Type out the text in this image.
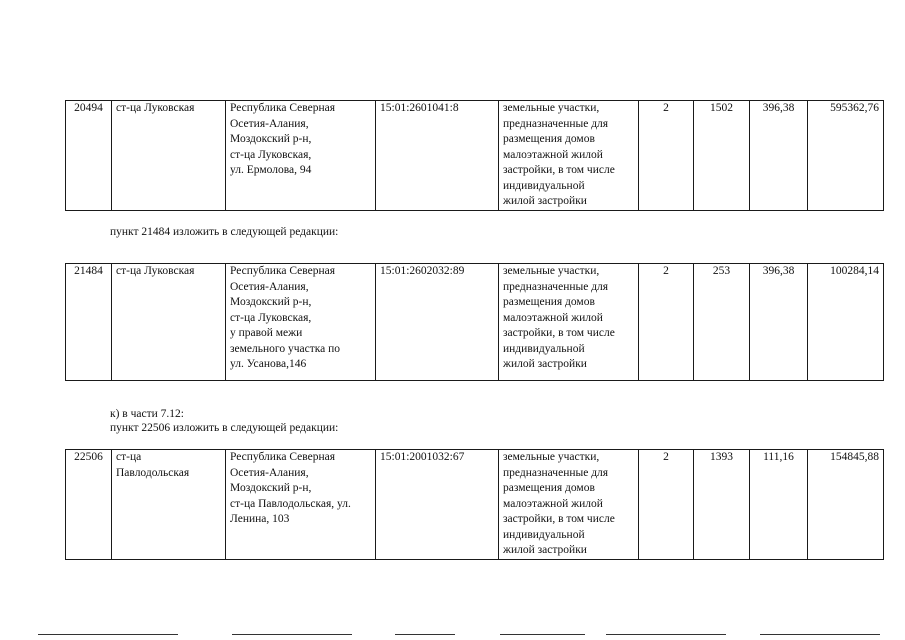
20494	ст-ца Луковская	Республика Северная
Осетия-Алания,
Моздокский р-н,
ст-ца Луковская,
ул. Ермолова, 94
	15:01:2601041:8	земельные участки,
предназначенные для
размещения домов
малоэтажной жилой
застройки, в том числе
индивидуальной
жилой застройки
	2	1502	396,38	595362,76
пункт 21484 изложить в следующей редакции:
21484	ст-ца Луковская	Республика Северная
Осетия-Алания,
Моздокский р-н,
ст-ца Луковская,
у правой межи
земельного участка по
ул. Усанова,146
	15:01:2602032:89	земельные участки,
предназначенные для
размещения домов
малоэтажной жилой
застройки, в том числе
индивидуальной
жилой застройки
	2	253	396,38	100284,14
к) в части 7.12:
пункт 22506 изложить в следующей редакции:
22506	ст-ца
Павлодольская

Республика Северная
Осетия-Алания,
Моздокский р-н,
ст-ца Павлодольская, ул.
Ленина, 103
	15:01:2001032:67	земельные участки,
предназначенные для
размещения домов
малоэтажной жилой
застройки, в том числе
индивидуальной
жилой застройки
	2	1393	111,16	154845,88
